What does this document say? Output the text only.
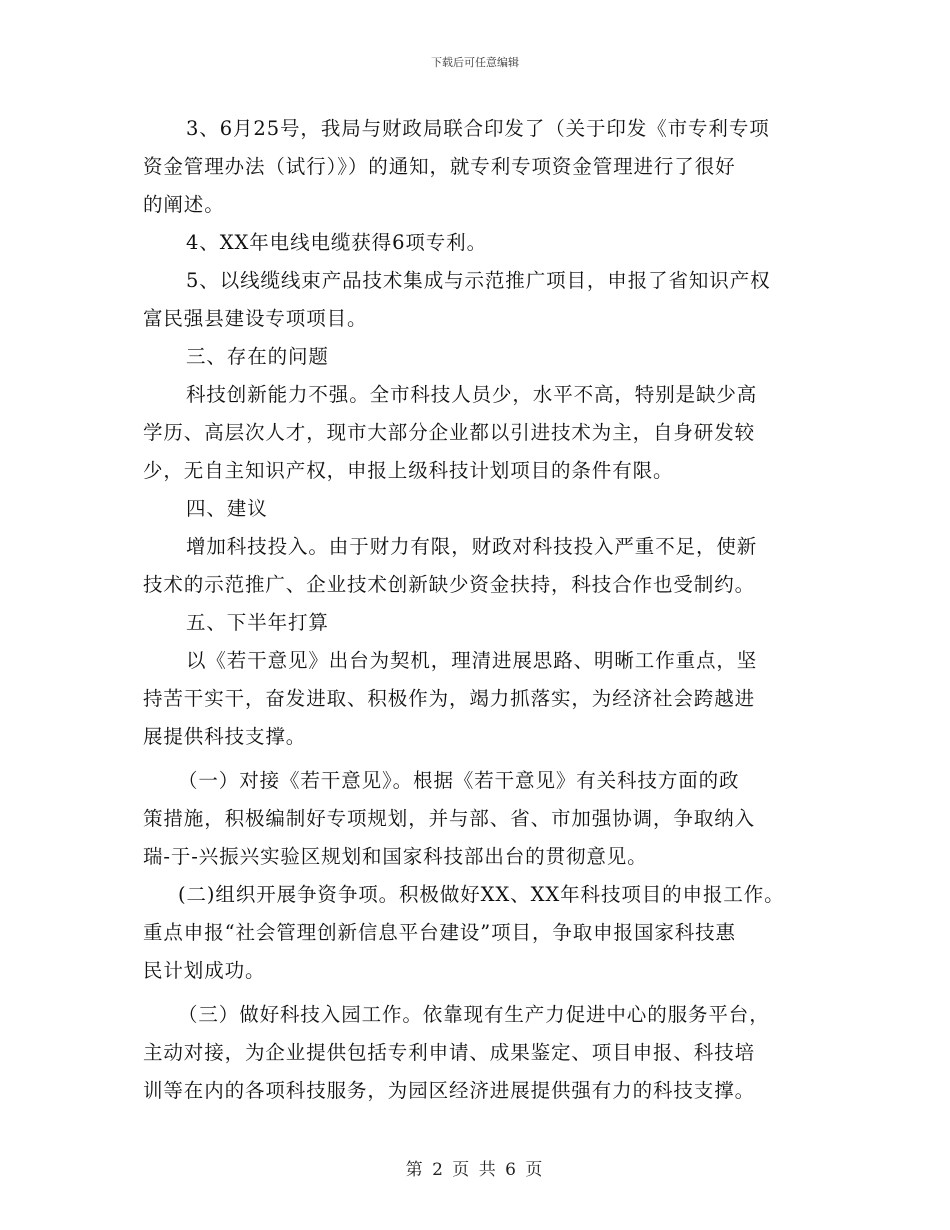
下载后可任意编辑

3、6月25号，我局与财政局联合印发了（关于印发《市专利专项

资金管理办法（试行）》）的通知，就专利专项资金管理进行了很好

的阐述。

4、XX年电线电缆获得6项专利。

5、以线缆线束产品技术集成与示范推广项目，申报了省知识产权

富民强县建设专项项目。

三、存在的问题

科技创新能力不强。全市科技人员少，水平不高，特别是缺少高

学历、高层次人才，现市大部分企业都以引进技术为主，自身研发较

少，无自主知识产权，申报上级科技计划项目的条件有限。

四、建议

增加科技投入。由于财力有限，财政对科技投入严重不足，使新

技术的示范推广、企业技术创新缺少资金扶持，科技合作也受制约。

五、下半年打算

以《若干意见》出台为契机，理清进展思路、明晰工作重点，坚

持苦干实干，奋发进取、积极作为，竭力抓落实，为经济社会跨越进

展提供科技支撑。

（一）对接《若干意见》。根据《若干意见》有关科技方面的政

策措施，积极编制好专项规划，并与部、省、市加强协调，争取纳入

瑞-于-兴振兴实验区规划和国家科技部出台的贯彻意见。

(二)组织开展争资争项。积极做好XX、XX年科技项目的申报工作。

重点申报“社会管理创新信息平台建设”项目，争取申报国家科技惠

民计划成功。

（三）做好科技入园工作。依靠现有生产力促进中心的服务平台，

主动对接，为企业提供包括专利申请、成果鉴定、项目申报、科技培

训等在内的各项科技服务，为园区经济进展提供强有力的科技支撑。

第 2 页 共 6 页
